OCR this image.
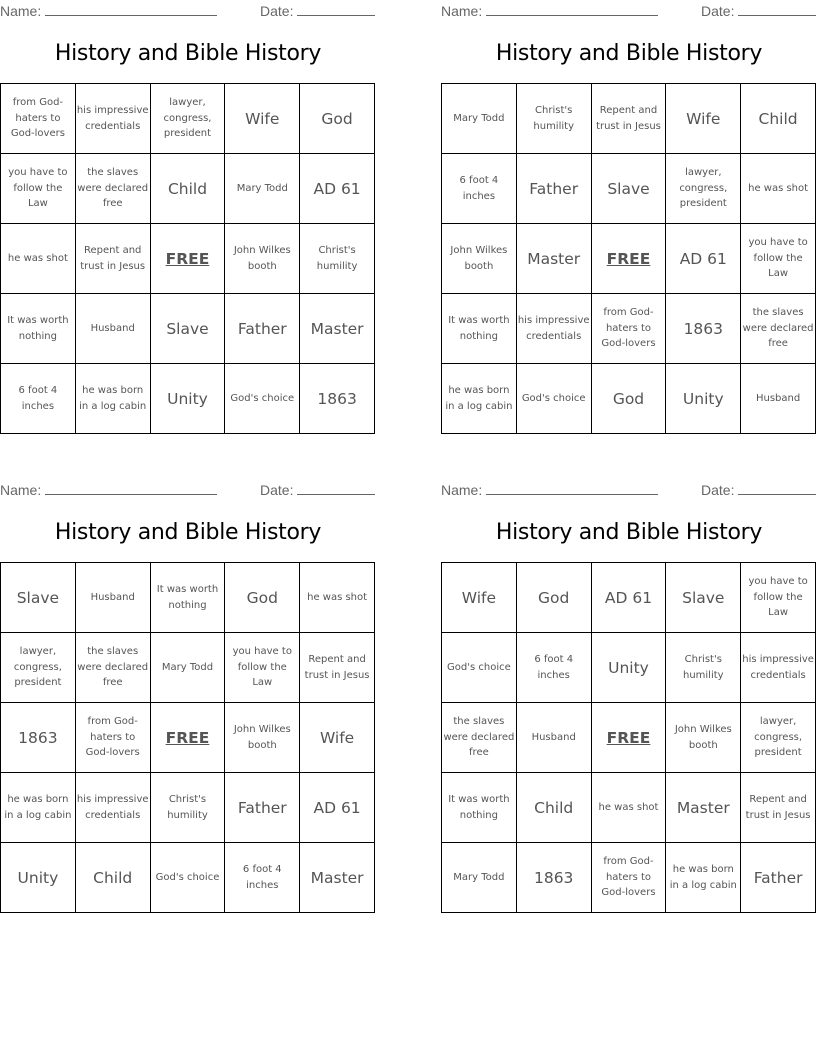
Name:	Date:
History and Bible History
from God-haters to God-lovers	his impressive credentials	lawyer, congress, president	Wife	God
you have to follow the Law	the slaves were declared free	Child	Mary Todd	AD 61
he was shot	Repent and trust in Jesus	FREE	John Wilkes booth	Christ's humility
It was worth nothing	Husband	Slave	Father	Master
6 foot 4 inches	he was born in a log cabin	Unity	God's choice	1863
Name:	Date:
History and Bible History
Mary Todd	Christ's humility	Repent and trust in Jesus	Wife	Child
6 foot 4 inches	Father	Slave	lawyer, congress, president	he was shot
John Wilkes booth	Master	FREE	AD 61	you have to follow the Law
It was worth nothing	his impressive credentials	from God-haters to God-lovers	1863	the slaves were declared free
he was born in a log cabin	God's choice	God	Unity	Husband
Name:	Date:
History and Bible History
Slave	Husband	It was worth nothing	God	he was shot
lawyer, congress, president	the slaves were declared free	Mary Todd	you have to follow the Law	Repent and trust in Jesus
1863	from God-haters to God-lovers	FREE	John Wilkes booth	Wife
he was born in a log cabin	his impressive credentials	Christ's humility	Father	AD 61
Unity	Child	God's choice	6 foot 4 inches	Master
Name:	Date:
History and Bible History
Wife	God	AD 61	Slave	you have to follow the Law
God's choice	6 foot 4 inches	Unity	Christ's humility	his impressive credentials
the slaves were declared free	Husband	FREE	John Wilkes booth	lawyer, congress, president
It was worth nothing	Child	he was shot	Master	Repent and trust in Jesus
Mary Todd	1863	from God-haters to God-lovers	he was born in a log cabin	Father
